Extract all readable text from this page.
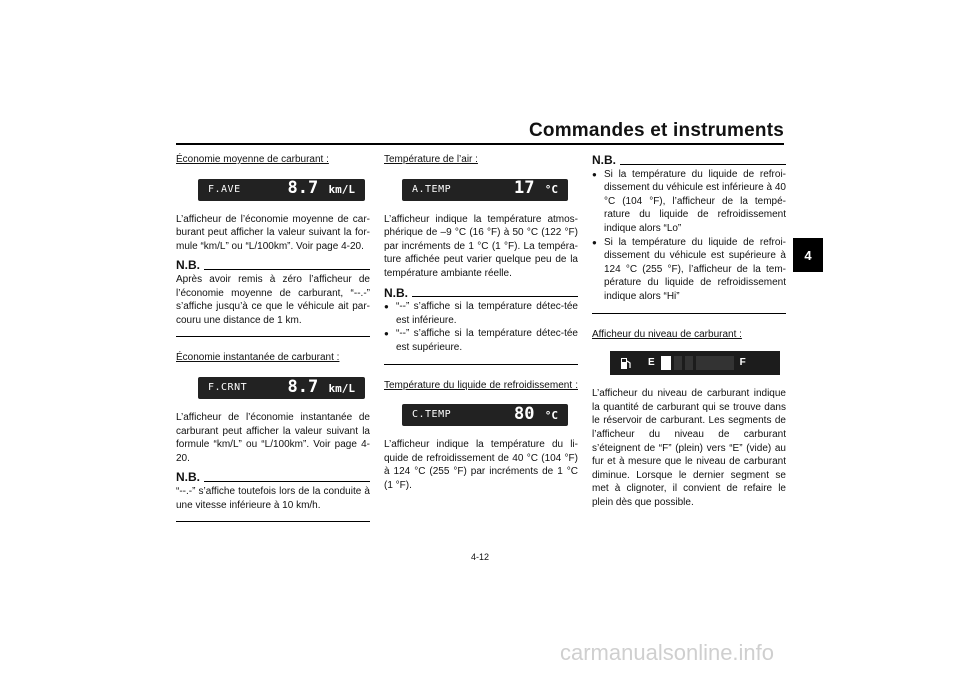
Commandes et instruments
4

Économie moyenne de carburant :

F.AVE	8.7 km/L

L’afficheur de l’économie moyenne de car-burant peut afficher la valeur suivant la for-mule “km/L” ou “L/100km”. Voir page 4-20.

N.B.

Après avoir remis à zéro l’afficheur de l’économie moyenne de carburant, “--.-” s’affiche jusqu’à ce que le véhicule ait par-couru une distance de 1 km.

Économie instantanée de carburant :

F.CRNT 8.7 km/L

L’afficheur de l’économie instantanée de carburant peut afficher la valeur suivant la formule “km/L” ou “L/100km”. Voir page 4-20.

N.B.

“--.-” s’affiche toutefois lors de la conduite à une vitesse inférieure à 10 km/h.

Température de l’air :

A.TEMP	17 °C

L’afficheur indique la température atmos-phérique de –9 °C (16 °F) à 50 °C (122 °F) par incréments de 1 °C (1 °F). La tempéra-ture affichée peut varier quelque peu de la température ambiante réelle.

N.B.
● “--” s’affiche si la température détec-tée est inférieure.
● “--” s’affiche si la température détec-tée est supérieure.

Température du liquide de refroidissement :

C.TEMP	80 °C

L’afficheur indique la température du li-quide de refroidissement de 40 °C (104 °F) à 124 °C (255 °F) par incréments de 1 °C (1 °F).

N.B.
● Si la température du liquide de refroi-dissement du véhicule est inférieure à 40 °C (104 °F), l’afficheur de la tempé-rature du liquide de refroidissement indique alors “Lo”
● Si la température du liquide de refroi-dissement du véhicule est supérieure à 124 °C (255 °F), l’afficheur de la tem-pérature du liquide de refroidissement indique alors “Hi”

Afficheur du niveau de carburant :

E	F

L’afficheur du niveau de carburant indique la quantité de carburant qui se trouve dans le réservoir de carburant. Les segments de l’afficheur du niveau de carburant s’éteignent de “F” (plein) vers “E” (vide) au fur et à mesure que le niveau de carburant diminue. Lorsque le dernier segment se met à clignoter, il convient de refaire le plein dès que possible.

4-12
carmanualsonline.info
